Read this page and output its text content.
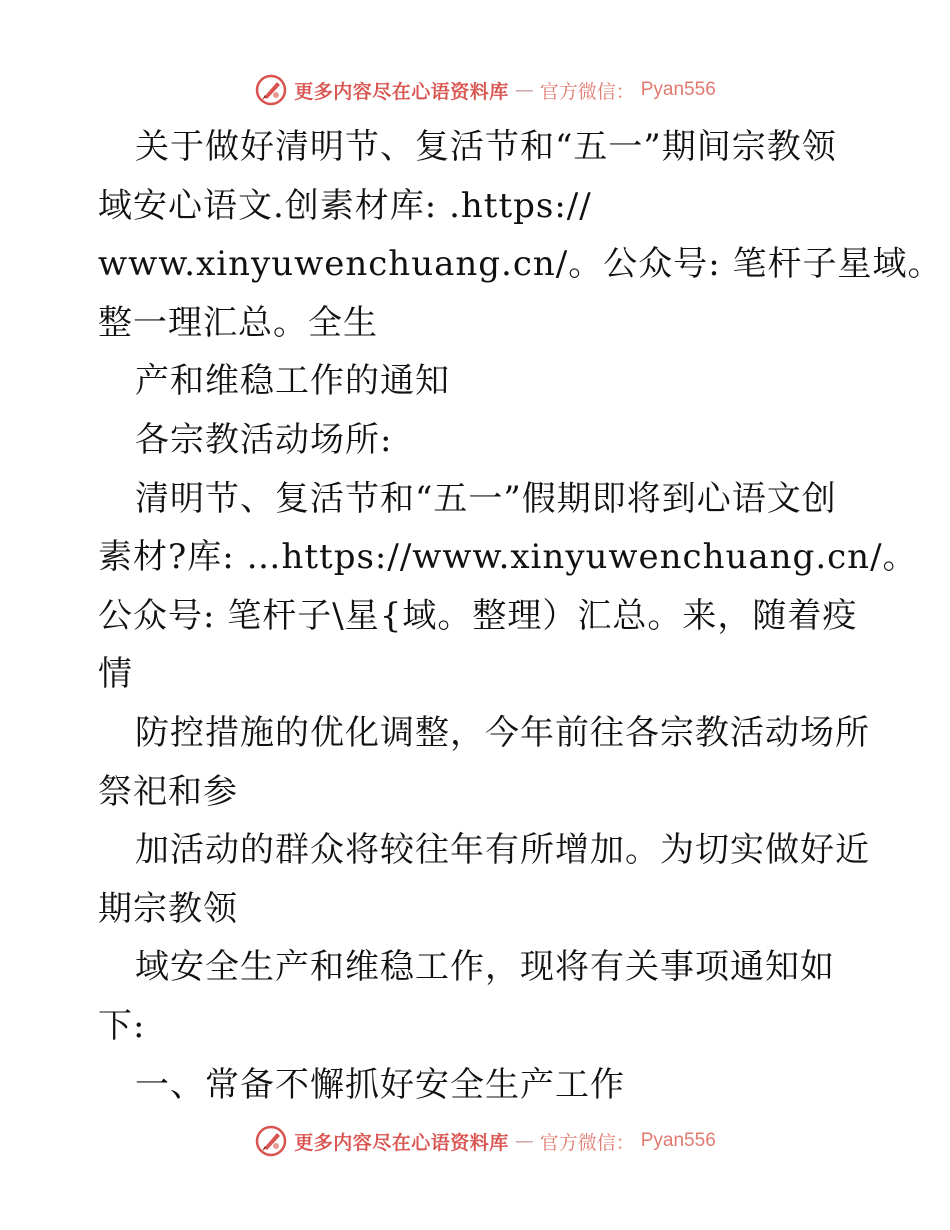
更多内容尽在心语资料库 — 官方微信： Pyan556
关于做好清明节、复活节和“五一”期间宗教领
域安心语文.创素材库: .https://
www.xinyuwenchuang.cn/。公众号: 笔杆子星域。
整一理汇总。全生
产和维稳工作的通知
各宗教活动场所:
清明节、复活节和“五一”假期即将到心语文创
素材?库: …https://www.xinyuwenchuang.cn/。
公众号: 笔杆子\星{域。整理）汇总。来，随着疫
情
防控措施的优化调整，今年前往各宗教活动场所
祭祀和参
加活动的群众将较往年有所增加。为切实做好近
期宗教领
域安全生产和维稳工作，现将有关事项通知如
下:
一、常备不懈抓好安全生产工作
更多内容尽在心语资料库 — 官方微信： Pyan556
